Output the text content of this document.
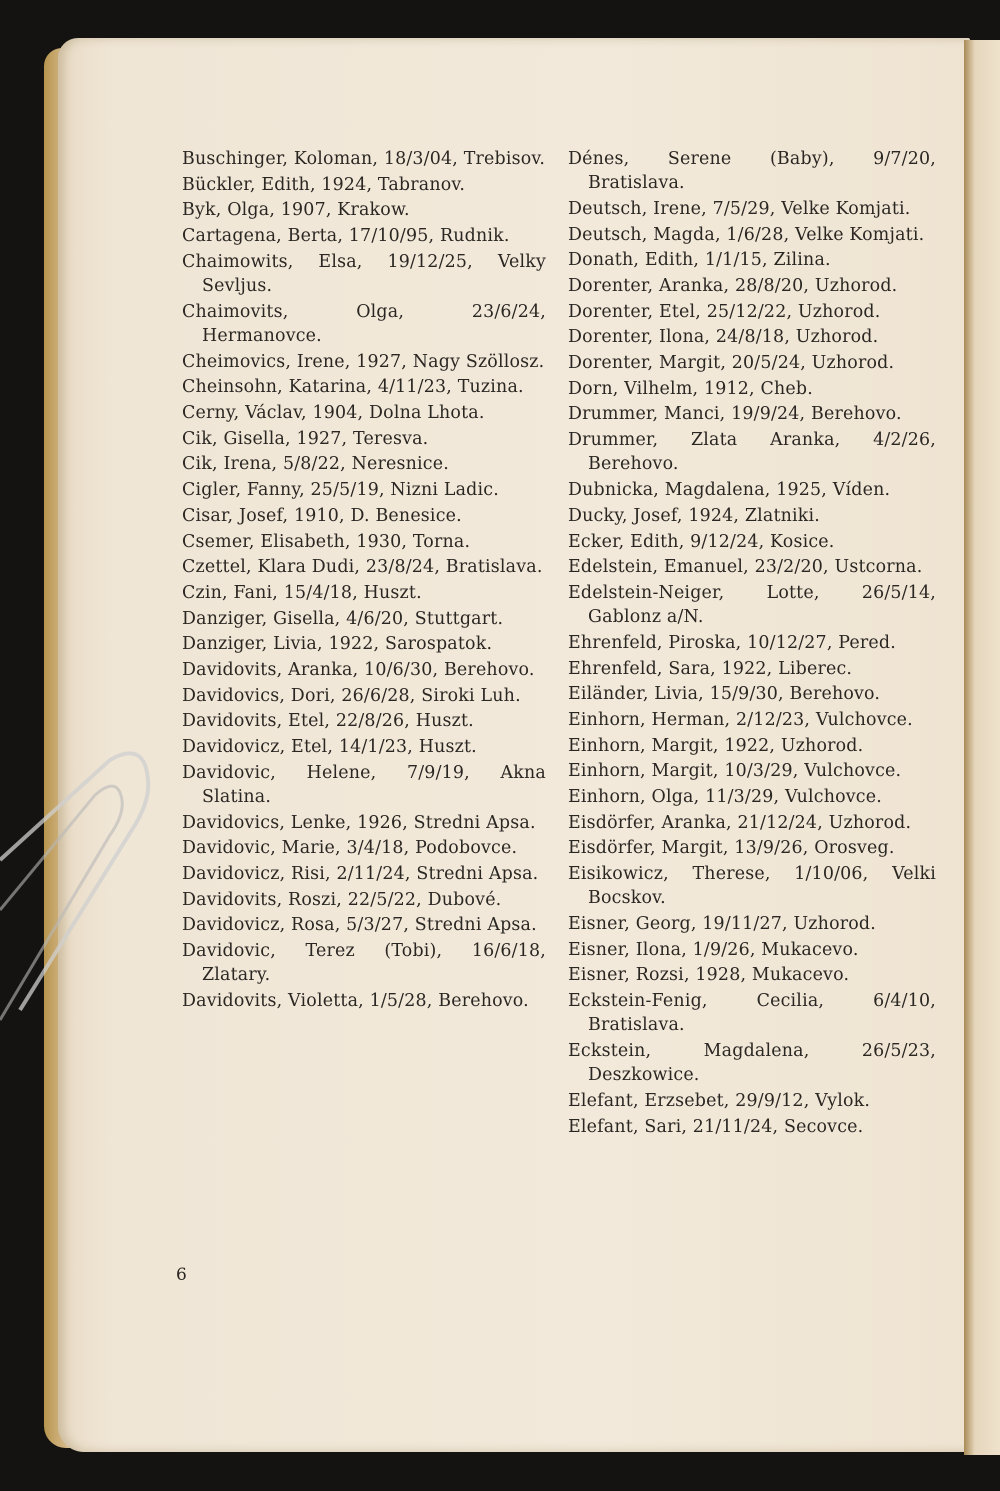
Buschinger, Koloman, 18/3/04, Trebisov.

Bückler, Edith, 1924, Tabranov.

Byk, Olga, 1907, Krakow.

Cartagena, Berta, 17/10/95, Rudnik.

Chaimowits, Elsa, 19/12/25, Velky Sevljus.

Chaimovits, Olga, 23/6/24, Hermanovce.

Cheimovics, Irene, 1927, Nagy Szöllosz.

Cheinsohn, Katarina, 4/11/23, Tuzina.

Cerny, Václav, 1904, Dolna Lhota.

Cik, Gisella, 1927, Teresva.

Cik, Irena, 5/8/22, Neresnice.

Cigler, Fanny, 25/5/19, Nizni Ladic.

Cisar, Josef, 1910, D. Benesice.

Csemer, Elisabeth, 1930, Torna.

Czettel, Klara Dudi, 23/8/24, Bratislava.

Czin, Fani, 15/4/18, Huszt.

Danziger, Gisella, 4/6/20, Stuttgart.

Danziger, Livia, 1922, Sarospatok.

Davidovits, Aranka, 10/6/30, Berehovo.

Davidovics, Dori, 26/6/28, Siroki Luh.

Davidovits, Etel, 22/8/26, Huszt.

Davidovicz, Etel, 14/1/23, Huszt.

Davidovic, Helene, 7/9/19, Akna Slatina.

Davidovics, Lenke, 1926, Stredni Apsa.

Davidovic, Marie, 3/4/18, Podobovce.

Davidovicz, Risi, 2/11/24, Stredni Apsa.

Davidovits, Roszi, 22/5/22, Dubové.

Davidovicz, Rosa, 5/3/27, Stredni Apsa.

Davidovic, Terez (Tobi), 16/6/18, Zlatary.

Davidovits, Violetta, 1/5/28, Berehovo.

Dénes, Serene (Baby), 9/7/20, Bratislava.

Deutsch, Irene, 7/5/29, Velke Komjati.

Deutsch, Magda, 1/6/28, Velke Komjati.

Donath, Edith, 1/1/15, Zilina.

Dorenter, Aranka, 28/8/20, Uzhorod.

Dorenter, Etel, 25/12/22, Uzhorod.

Dorenter, Ilona, 24/8/18, Uzhorod.

Dorenter, Margit, 20/5/24, Uzhorod.

Dorn, Vilhelm, 1912, Cheb.

Drummer, Manci, 19/9/24, Berehovo.

Drummer, Zlata Aranka, 4/2/26, Berehovo.

Dubnicka, Magdalena, 1925, Víden.

Ducky, Josef, 1924, Zlatniki.

Ecker, Edith, 9/12/24, Kosice.

Edelstein, Emanuel, 23/2/20, Ustcorna.

Edelstein-Neiger, Lotte, 26/5/14, Gablonz a/N.

Ehrenfeld, Piroska, 10/12/27, Pered.

Ehrenfeld, Sara, 1922, Liberec.

Eiländer, Livia, 15/9/30, Berehovo.

Einhorn, Herman, 2/12/23, Vulchovce.

Einhorn, Margit, 1922, Uzhorod.

Einhorn, Margit, 10/3/29, Vulchovce.

Einhorn, Olga, 11/3/29, Vulchovce.

Eisdörfer, Aranka, 21/12/24, Uzhorod.

Eisdörfer, Margit, 13/9/26, Orosveg.

Eisikowicz, Therese, 1/10/06, Velki Bocskov.

Eisner, Georg, 19/11/27, Uzhorod.

Eisner, Ilona, 1/9/26, Mukacevo.

Eisner, Rozsi, 1928, Mukacevo.

Eckstein-Fenig, Cecilia, 6/4/10, Bratislava.

Eckstein, Magdalena, 26/5/23, Deszkowice.

Elefant, Erzsebet, 29/9/12, Vylok.

Elefant, Sari, 21/11/24, Secovce.

6
